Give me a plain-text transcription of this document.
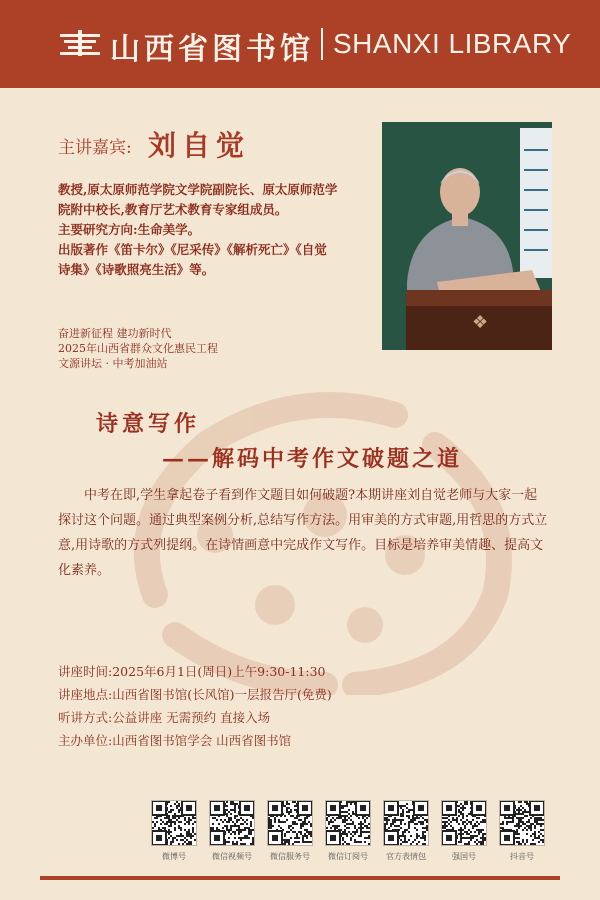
山西省图书馆 SHANXI LIBRARY
主讲嘉宾: 刘自觉

教授,原太原师范学院文学院副院长、原太原师范学

院附中校长,教育厅艺术教育专家组成员。

主要研究方向:生命美学。

出版著作《笛卡尔》《尼采传》《解析死亡》《自觉

诗集》《诗歌照亮生活》等。

❖
奋进新征程 建功新时代
2025年山西省群众文化惠民工程
文源讲坛 · 中考加油站
诗意写作
——解码中考作文破题之道
中考在即,学生拿起卷子看到作文题目如何破题?本期讲座刘自觉老师与大家一起探讨这个问题。通过典型案例分析,总结写作方法。用审美的方式审题,用哲思的方式立意,用诗歌的方式列提纲。在诗情画意中完成作文写作。目标是培养审美情趣、提高文化素养。
讲座时间:2025年6月1日(周日)上午9:30-11:30
讲座地点:山西省图书馆(长风馆)一层报告厅(免费)
听讲方式:公益讲座 无需预约 直接入场
主办单位:山西省图书馆学会 山西省图书馆
微博号	微信视频号	微信服务号	微信订阅号	官方表情包	强国号	抖音号
